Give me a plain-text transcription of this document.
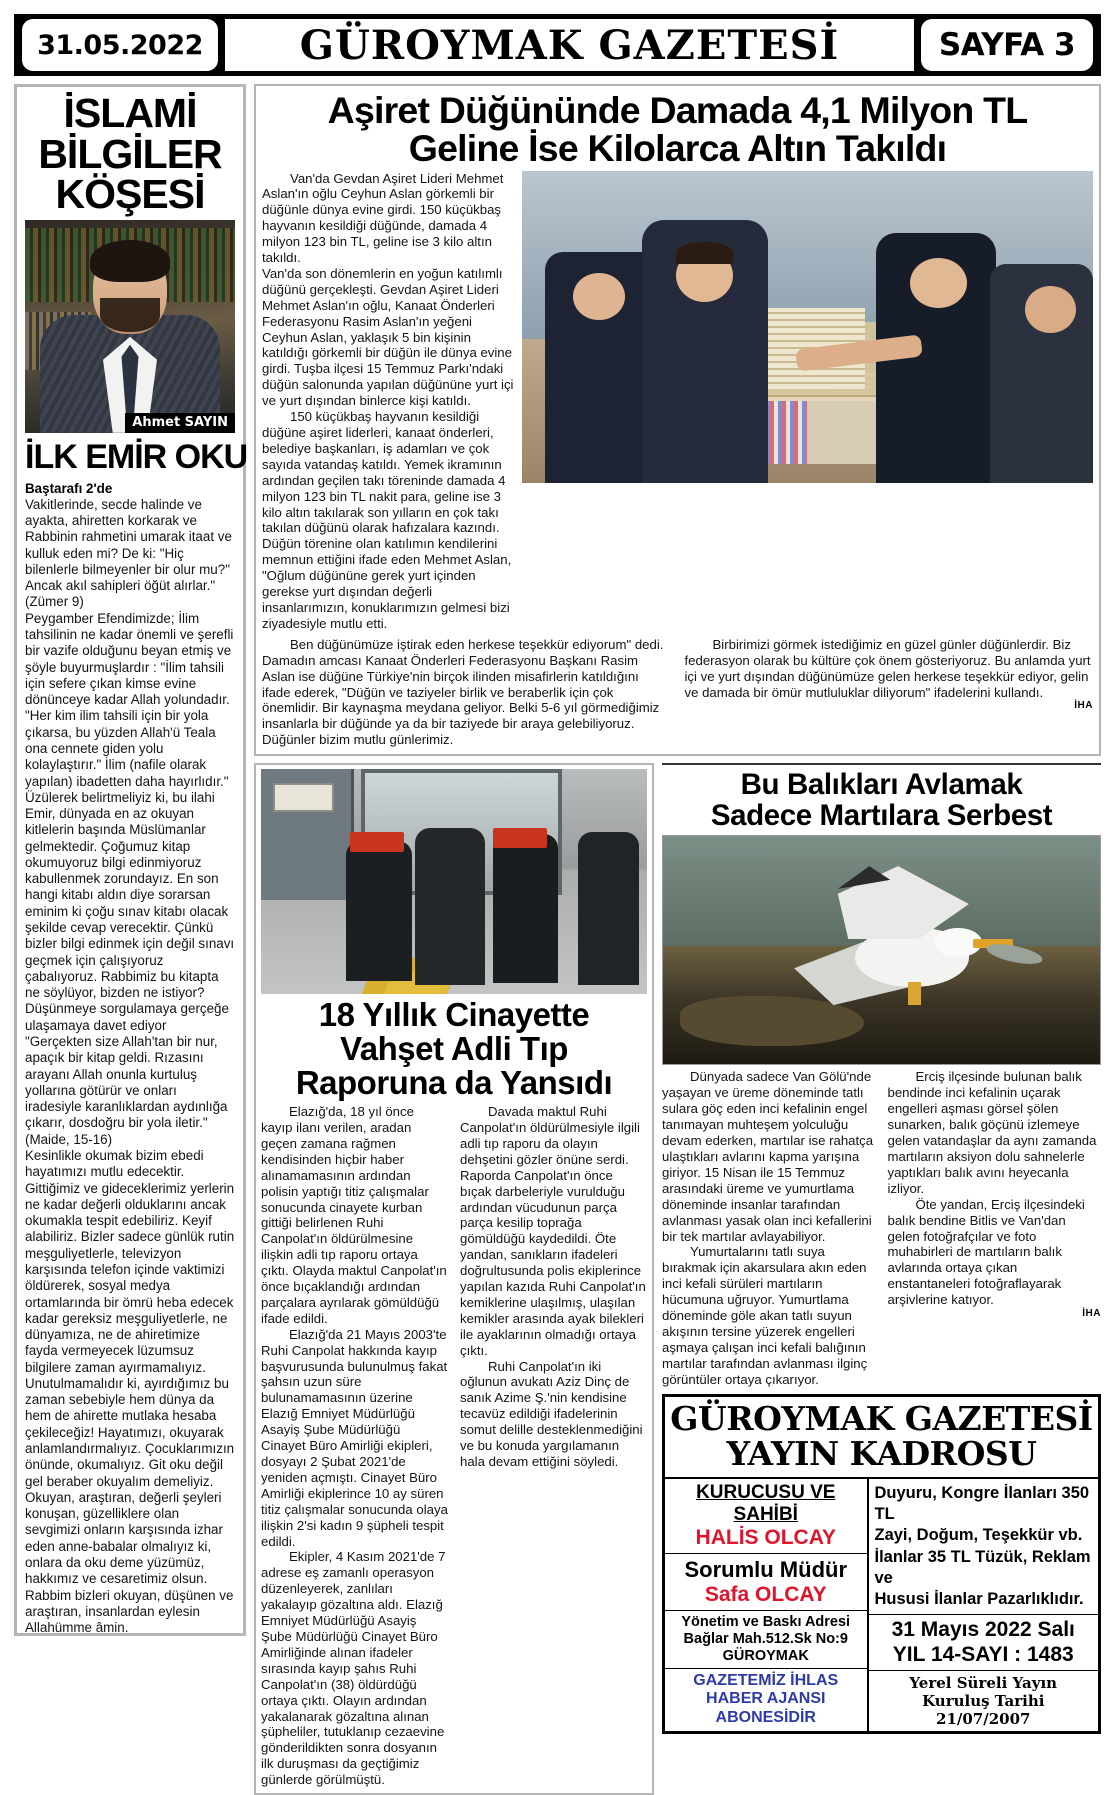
31.05.2022	GÜROYMAK GAZETESİ	SAYFA 3
İSLAMİ
BİLGİLER
KÖŞESİ
Ahmet SAYIN
İLK EMİR OKU
Baştarafı 2'de

Vakitlerinde, secde halinde ve ayakta, ahiretten korkarak ve Rabbinin rahmetini umarak itaat ve kulluk eden mi? De ki: "Hiç bilenlerle bilmeyenler bir olur mu?" Ancak akıl sahipleri öğüt alırlar." (Zümer 9)

Peygamber Efendimizde; İlim tahsilinin ne kadar önemli ve şerefli bir vazife olduğunu beyan etmiş ve şöyle buyurmuşlardır : "İlim tahsili için sefere çıkan kimse evine dönünceye kadar Allah yolundadır. "Her kim ilim tahsili için bir yola çıkarsa, bu yüzden Allah'ü Teala ona cennete giden yolu kolaylaştırır." İlim (nafile olarak yapılan) ibadetten daha hayırlıdır."

Üzülerek belirtmeliyiz ki, bu ilahi Emir, dünyada en az okuyan kitlelerin başında Müslümanlar gelmektedir. Çoğumuz kitap okumuyoruz bilgi edinmiyoruz kabullenmek zorundayız. En son hangi kitabı aldın diye sorarsan eminim ki çoğu sınav kitabı olacak şekilde cevap verecektir. Çünkü bizler bilgi edinmek için değil sınavı geçmek için çalışıyoruz çabalıyoruz. Rabbimiz bu kitapta ne söylüyor, bizden ne istiyor? Düşünmeye sorgulamaya gerçeğe ulaşamaya davet ediyor "Gerçekten size Allah'tan bir nur, apaçık bir kitap geldi. Rızasını arayanı Allah onunla kurtuluş yollarına götürür ve onları iradesiyle karanlıklardan aydınlığa çıkarır, dosdoğru bir yola iletir." (Maide, 15-16)

Kesinlikle okumak bizim ebedi hayatımızı mutlu edecektir. Gittiğimiz ve gideceklerimiz yerlerin ne kadar değerli olduklarını ancak okumakla tespit edebiliriz. Keyif alabiliriz. Bizler sadece günlük rutin meşguliyetlerle, televizyon karşısında telefon içinde vaktimizi öldürerek, sosyal medya ortamlarında bir ömrü heba edecek kadar gereksiz meşguliyetlerle, ne dünyamıza, ne de ahiretimize fayda vermeyecek lüzumsuz bilgilere zaman ayırmamalıyız.

Unutulmamalıdır ki, ayırdığımız bu zaman sebebiyle hem dünya da hem de ahirette mutlaka hesaba çekileceğiz! Hayatımızı, okuyarak anlamlandırmalıyız. Çocuklarımızın önünde, okumalıyız. Git oku değil gel beraber okuyalım demeliyiz. Okuyan, araştıran, değerli şeyleri konuşan, güzelliklere olan sevgimizi onların karşısında izhar eden anne-babalar olmalıyız ki, onlara da oku deme yüzümüz, hakkımız ve cesaretimiz olsun.

Rabbim bizleri okuyan, düşünen ve araştıran, insanlardan eylesin Allahümme âmin.

Aşiret Düğününde Damada 4,1 Milyon TL
Geline İse Kilolarca Altın Takıldı

Van'da Gevdan Aşiret Lideri Mehmet Aslan'ın oğlu Ceyhun Aslan görkemli bir düğünle dünya evine girdi. 150 küçükbaş hayvanın kesildiği düğünde, damada 4 milyon 123 bin TL, geline ise 3 kilo altın takıldı.

Van'da son dönemlerin en yoğun katılımlı düğünü gerçekleşti. Gevdan Aşiret Lideri Mehmet Aslan'ın oğlu, Kanaat Önderleri Federasyonu Rasim Aslan'ın yeğeni Ceyhun Aslan, yaklaşık 5 bin kişinin katıldığı görkemli bir düğün ile dünya evine girdi. Tuşba ilçesi 15 Temmuz Parkı'ndaki düğün salonunda yapılan düğününe yurt içi ve yurt dışından binlerce kişi katıldı.

150 küçükbaş hayvanın kesildiği düğüne aşiret liderleri, kanaat önderleri, belediye başkanları, iş adamları ve çok sayıda vatandaş katıldı. Yemek ikramının ardından geçilen takı töreninde damada 4 milyon 123 bin TL nakit para, geline ise 3 kilo altın takılarak son yılların en çok takı takılan düğünü olarak hafızalara kazındı. Düğün törenine olan katılımın kendilerini memnun ettiğini ifade eden Mehmet Aslan, "Oğlum düğününe gerek yurt içinden gerekse yurt dışından değerli insanlarımızın, konuklarımızın gelmesi bizi ziyadesiyle mutlu etti.

Ben düğünümüze iştirak eden herkese teşekkür ediyorum" dedi. Damadın amcası Kanaat Önderleri Federasyonu Başkanı Rasim Aslan ise düğüne Türkiye'nin birçok ilinden misafirlerin katıldığını ifade ederek, "Düğün ve taziyeler birlik ve beraberlik için çok önemlidir. Bir kaynaşma meydana geliyor. Belki 5-6 yıl görmediğimiz insanlarla bir düğünde ya da bir taziyede bir araya gelebiliyoruz. Düğünler bizim mutlu günlerimiz.

Birbirimizi görmek istediğimiz en güzel günler düğünlerdir. Biz federasyon olarak bu kültüre çok önem gösteriyoruz. Bu anlamda yurt içi ve yurt dışından düğünümüze gelen herkese teşekkür ediyor, gelin ve damada bir ömür mutluluklar diliyorum" ifadelerini kullandı.

İHA
18 Yıllık Cinayette
Vahşet Adli Tıp
Raporuna da Yansıdı

Elazığ'da, 18 yıl önce kayıp ilanı verilen, aradan geçen zamana rağmen kendisinden hiçbir haber alınamamasının ardından polisin yaptığı titiz çalışmalar sonucunda cinayete kurban gittiği belirlenen Ruhi Canpolat'ın öldürülmesine ilişkin adli tıp raporu ortaya çıktı. Olayda maktul Canpolat'ın önce bıçaklandığı ardından parçalara ayrılarak gömüldüğü ifade edildi.

Elazığ'da 21 Mayıs 2003'te Ruhi Canpolat hakkında kayıp başvurusunda bulunulmuş fakat şahsın uzun süre bulunamamasının üzerine Elazığ Emniyet Müdürlüğü Asayiş Şube Müdürlüğü Cinayet Büro Amirliği ekipleri, dosyayı 2 Şubat 2021'de yeniden açmıştı. Cinayet Büro Amirliği ekiplerince 10 ay süren titiz çalışmalar sonucunda olaya ilişkin 2'si kadın 9 şüpheli tespit edildi.

Ekipler, 4 Kasım 2021'de 7 adrese eş zamanlı operasyon düzenleyerek, zanlıları yakalayıp gözaltına aldı. Elazığ Emniyet Müdürlüğü Asayiş Şube Müdürlüğü Cinayet Büro Amirliğinde alınan ifadeler sırasında kayıp şahıs Ruhi Canpolat'ın (38) öldürdüğü ortaya çıktı. Olayın ardından yakalanarak gözaltına alınan şüpheliler, tutuklanıp cezaevine gönderildikten sonra dosyanın ilk duruşması da geçtiğimiz günlerde görülmüştü.

Davada maktul Ruhi Canpolat'ın öldürülmesiyle ilgili adli tıp raporu da olayın dehşetini gözler önüne serdi. Raporda Canpolat'ın önce bıçak darbeleriyle vurulduğu ardından vücudunun parça parça kesilip toprağa gömüldüğü kaydedildi. Öte yandan, sanıkların ifadeleri doğrultusunda polis ekiplerince yapılan kazıda Ruhi Canpolat'ın kemiklerine ulaşılmış, ulaşılan kemikler arasında ayak bilekleri ile ayaklarının olmadığı ortaya çıktı.

Ruhi Canpolat'ın iki oğlunun avukatı Aziz Dinç de sanık Azime Ş.'nin kendisine tecavüz edildiği ifadelerinin somut delille desteklenmediğini ve bu konuda yargılamanın hala devam ettiğini söyledi.

Bu Balıkları Avlamak
Sadece Martılara Serbest

Dünyada sadece Van Gölü'nde yaşayan ve üreme döneminde tatlı sulara göç eden inci kefalinin engel tanımayan muhteşem yolculuğu devam ederken, martılar ise rahatça ulaştıkları avlarını kapma yarışına giriyor. 15 Nisan ile 15 Temmuz arasındaki üreme ve yumurtlama döneminde insanlar tarafından avlanması yasak olan inci kefallerini bir tek martılar avlayabiliyor.

Yumurtalarını tatlı suya bırakmak için akarsulara akın eden inci kefali sürüleri martıların hücumuna uğruyor. Yumurtlama döneminde göle akan tatlı suyun akışının tersine yüzerek engelleri aşmaya çalışan inci kefali balığının martılar tarafından avlanması ilginç görüntüler ortaya çıkarıyor.

Erciş ilçesinde bulunan balık bendinde inci kefalinin uçarak engelleri aşması görsel şölen sunarken, balık göçünü izlemeye gelen vatandaşlar da aynı zamanda martıların aksiyon dolu sahnelerle yaptıkları balık avını heyecanla izliyor.

Öte yandan, Erciş ilçesindeki balık bendine Bitlis ve Van'dan gelen fotoğrafçılar ve foto muhabirleri de martıların balık avlarında ortaya çıkan enstantaneleri fotoğraflayarak arşivlerine katıyor.

İHA
GÜROYMAK GAZETESİ
YAYIN KADROSU
KURUCUSU VE SAHİBİ
HALİS OLCAY
Sorumlu Müdür
Safa OLCAY
Yönetim ve Baskı Adresi
Bağlar Mah.512.Sk No:9
GÜROYMAK
GAZETEMİZ İHLAS
HABER AJANSI ABONESİDİR
Duyuru, Kongre İlanları 350 TL
Zayi, Doğum, Teşekkür vb.
İlanlar 35 TL Tüzük, Reklam ve
Hususi İlanlar Pazarlıklıdır.
31 Mayıs 2022 Salı
YIL 14-SAYI : 1483
Yerel Süreli Yayın
Kuruluş Tarihi
21/07/2007
